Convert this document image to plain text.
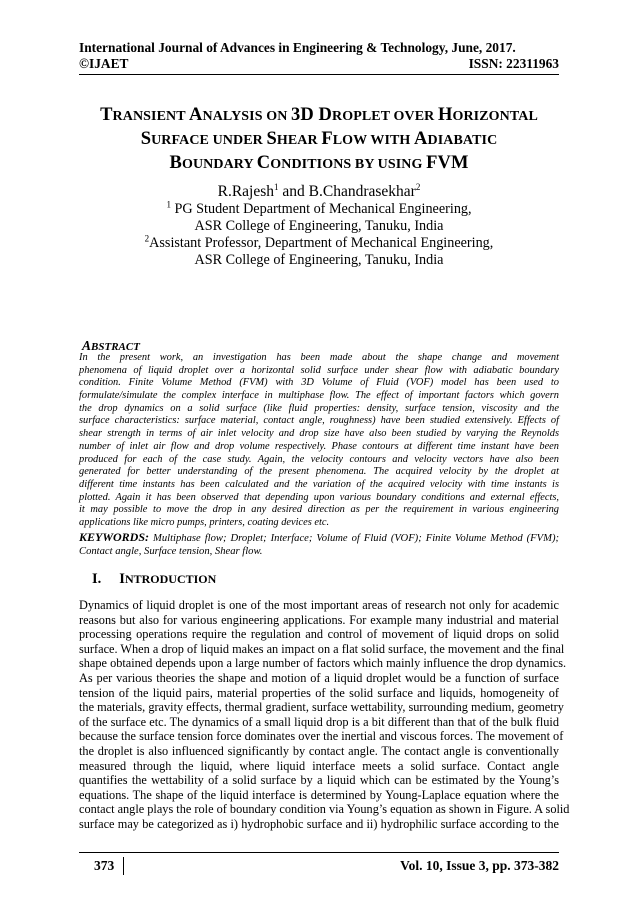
International Journal of Advances in Engineering & Technology, June, 2017.
©IJAET	ISSN: 22311963
TRANSIENT ANALYSIS ON 3D DROPLET OVER HORIZONTAL
SURFACE UNDER SHEAR FLOW WITH ADIABATIC
BOUNDARY CONDITIONS BY USING FVM
R.Rajesh$^1$ and B.Chandrasekhar$^2$
$^1$ PG Student Department of Mechanical Engineering,
ASR College of Engineering, Tanuku, India
$^2$Assistant Professor, Department of Mechanical Engineering,
ASR College of Engineering, Tanuku, India
ABSTRACT
In the present work, an investigation has been made about the shape change and movement
phenomena of liquid droplet over a horizontal solid surface under shear flow with adiabatic boundary
condition. Finite Volume Method (FVM) with 3D Volume of Fluid (VOF) model has been used to
formulate/simulate the complex interface in multiphase flow. The effect of important factors which govern
the drop dynamics on a solid surface (like fluid properties: density, surface tension, viscosity and the
surface characteristics: surface material, contact angle, roughness) have been studied extensively. Effects of
shear strength in terms of air inlet velocity and drop size have also been studied by varying the Reynolds
number of inlet air flow and drop volume respectively. Phase contours at different time instant have been
produced for each of the case study. Again, the velocity contours and velocity vectors have also been
generated for better understanding of the present phenomena. The acquired velocity by the droplet at
different time instants has been calculated and the variation of the acquired velocity with time instants is
plotted. Again it has been observed that depending upon various boundary conditions and external effects,
it may possible to move the drop in any desired direction as per the requirement in various engineering
applications like micro pumps, printers, coating devices etc.
KEYWORDS: Multiphase flow; Droplet; Interface; Volume of Fluid (VOF); Finite Volume Method (FVM);
Contact angle, Surface tension, Shear flow.
I. INTRODUCTION
Dynamics of liquid droplet is one of the most important areas of research not only for academic
reasons but also for various engineering applications. For example many industrial and material
processing operations require the regulation and control of movement of liquid drops on solid
surface. When a drop of liquid makes an impact on a flat solid surface, the movement and the final
shape obtained depends upon a large number of factors which mainly influence the drop dynamics.
As per various theories the shape and motion of a liquid droplet would be a function of surface
tension of the liquid pairs, material properties of the solid surface and liquids, homogeneity of
the materials, gravity effects, thermal gradient, surface wettability, surrounding medium, geometry
of the surface etc. The dynamics of a small liquid drop is a bit different than that of the bulk fluid
because the surface tension force dominates over the inertial and viscous forces. The movement of
the droplet is also influenced significantly by contact angle. The contact angle is conventionally
measured through the liquid, where liquid interface meets a solid surface. Contact angle
quantifies the wettability of a solid surface by a liquid which can be estimated by the Young’s
equations. The shape of the liquid interface is determined by Young-Laplace equation where the
contact angle plays the role of boundary condition via Young’s equation as shown in Figure. A solid
surface may be categorized as i) hydrophobic surface and ii) hydrophilic surface according to the
373	Vol. 10, Issue 3, pp. 373-382
